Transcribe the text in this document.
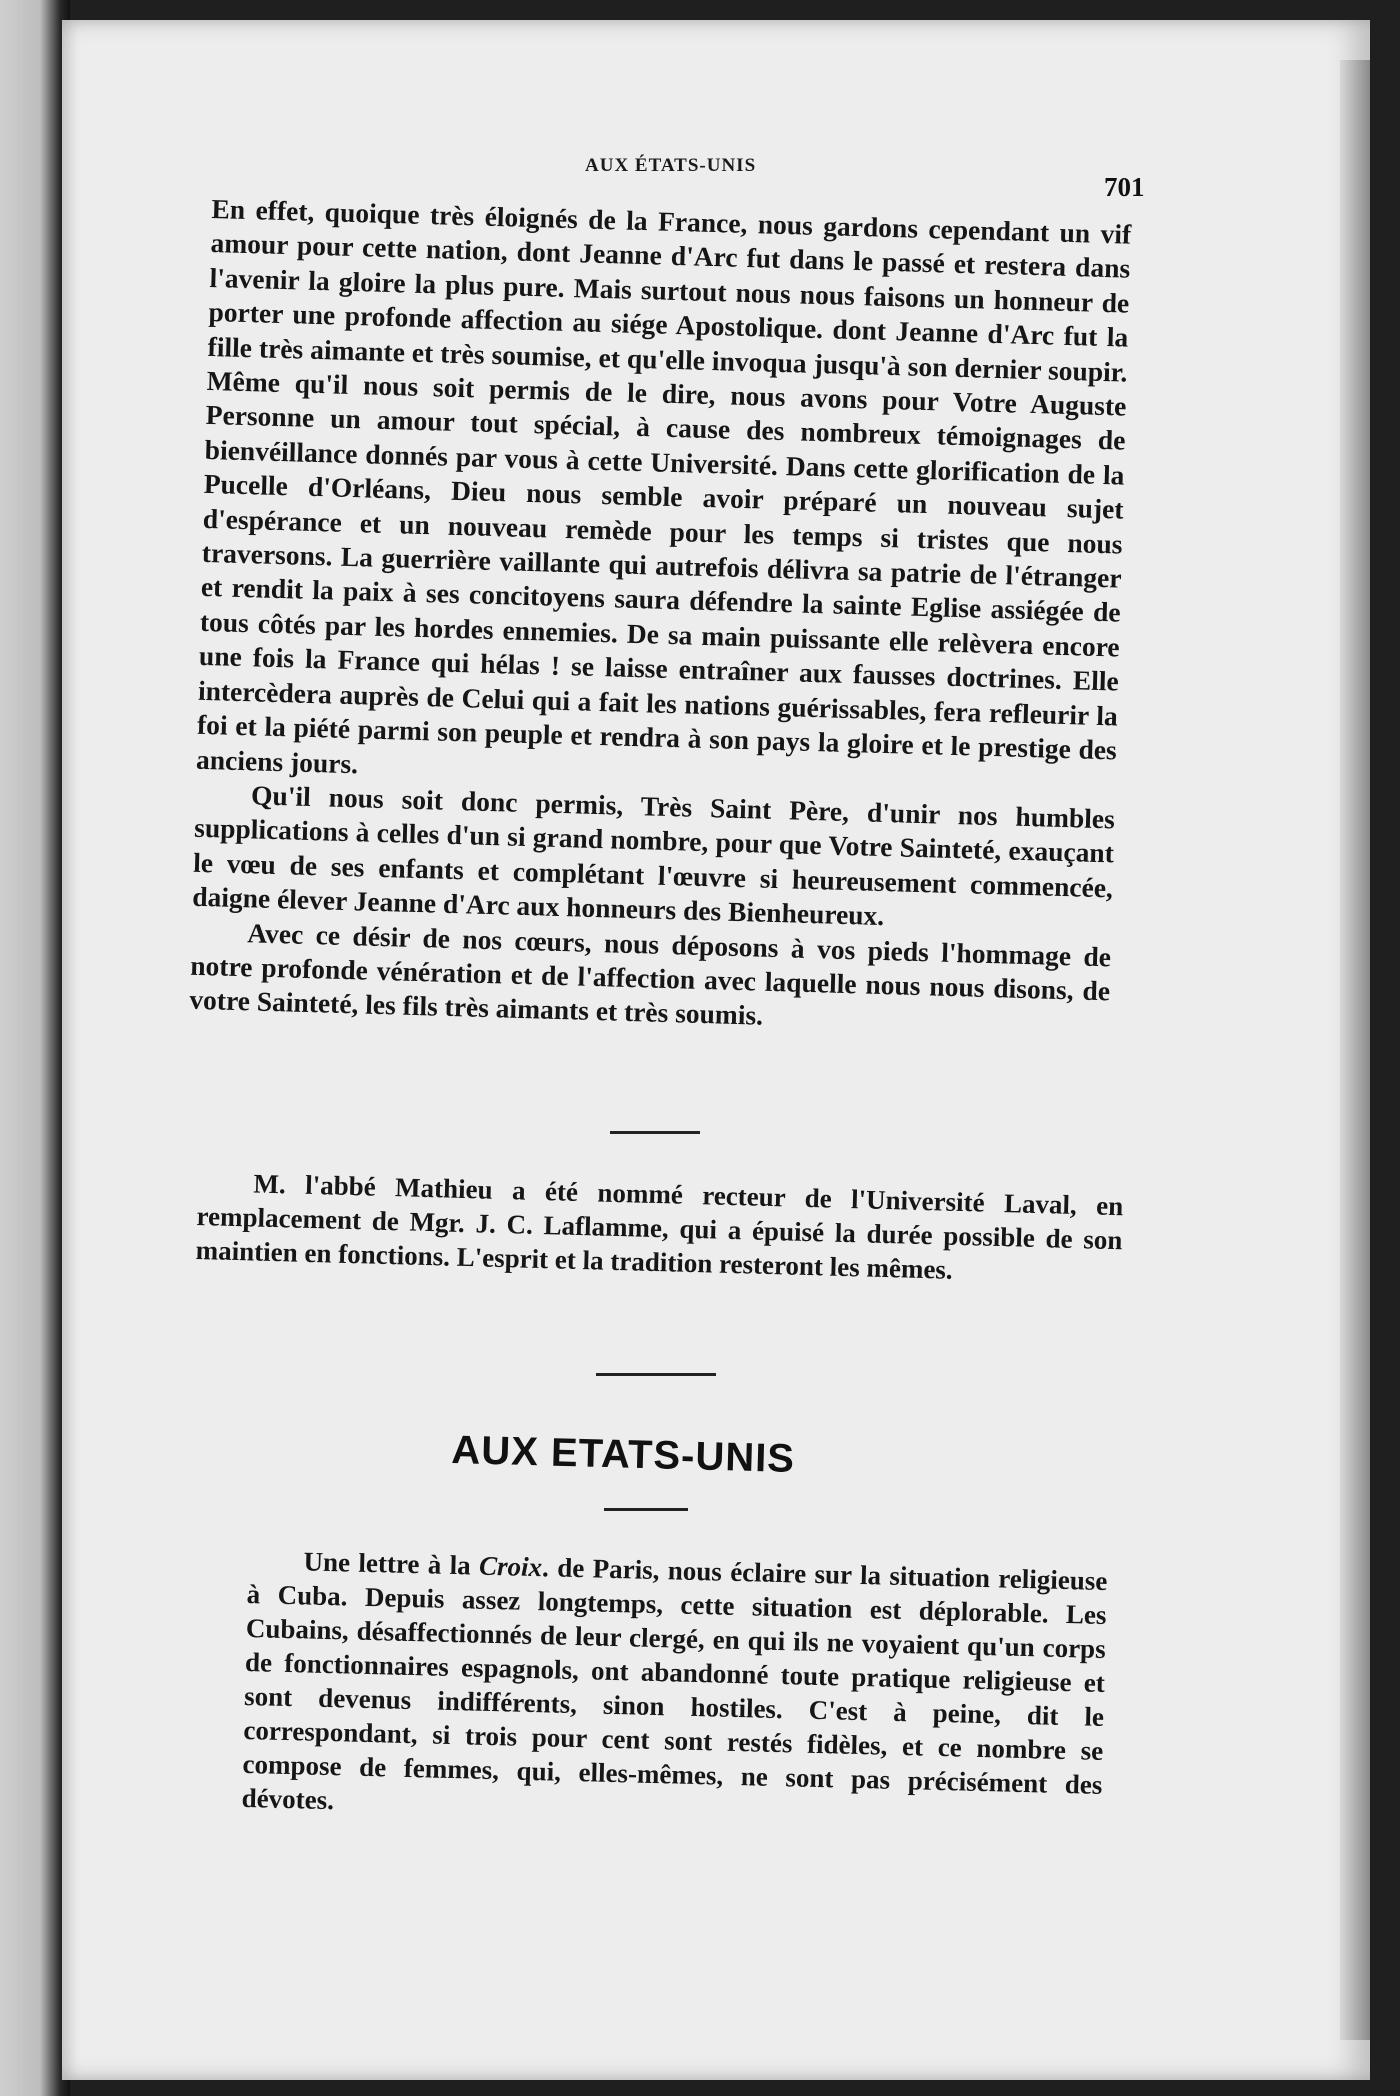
AUX ÉTATS-UNIS
701

En effet, quoique très éloignés de la France, nous gardons cependant un vif amour pour cette nation, dont Jeanne d'Arc fut dans le passé et restera dans l'avenir la gloire la plus pure. Mais surtout nous nous faisons un honneur de porter une profonde affection au siége Apostolique. dont Jeanne d'Arc fut la fille très aimante et très soumise, et qu'elle invoqua jusqu'à son dernier soupir. Même qu'il nous soit permis de le dire, nous avons pour Votre Auguste Personne un amour tout spécial, à cause des nombreux témoignages de bienvéillance donnés par vous à cette Université. Dans cette glorification de la Pucelle d'Orléans, Dieu nous semble avoir préparé un nouveau sujet d'espérance et un nouveau remède pour les temps si tristes que nous traversons. La guerrière vaillante qui autrefois délivra sa patrie de l'étranger et rendit la paix à ses concitoyens saura défendre la sainte Eglise assiégée de tous côtés par les hordes ennemies. De sa main puissante elle relèvera encore une fois la France qui hélas ! se laisse entraîner aux fausses doctrines. Elle intercèdera auprès de Celui qui a fait les nations guérissables, fera refleurir la foi et la piété parmi son peuple et rendra à son pays la gloire et le prestige des anciens jours.

Qu'il nous soit donc permis, Très Saint Père, d'unir nos humbles supplications à celles d'un si grand nombre, pour que Votre Sainteté, exauçant le vœu de ses enfants et complétant l'œuvre si heureusement commencée, daigne élever Jeanne d'Arc aux honneurs des Bienheureux.

Avec ce désir de nos cœurs, nous déposons à vos pieds l'hommage de notre profonde vénération et de l'affection avec laquelle nous nous disons, de votre Sainteté, les fils très aimants et très soumis.

M. l'abbé Mathieu a été nommé recteur de l'Université Laval, en remplacement de Mgr. J. C. Laflamme, qui a épuisé la durée possible de son maintien en fonctions. L'esprit et la tradition resteront les mêmes.

AUX ETATS-UNIS

Une lettre à la Croix. de Paris, nous éclaire sur la situation religieuse à Cuba. Depuis assez longtemps, cette situation est déplorable. Les Cubains, désaffectionnés de leur clergé, en qui ils ne voyaient qu'un corps de fonctionnaires espagnols, ont abandonné toute pratique religieuse et sont devenus indifférents, sinon hostiles. C'est à peine, dit le correspondant, si trois pour cent sont restés fidèles, et ce nombre se compose de femmes, qui, elles-mêmes, ne sont pas précisément des dévotes.
